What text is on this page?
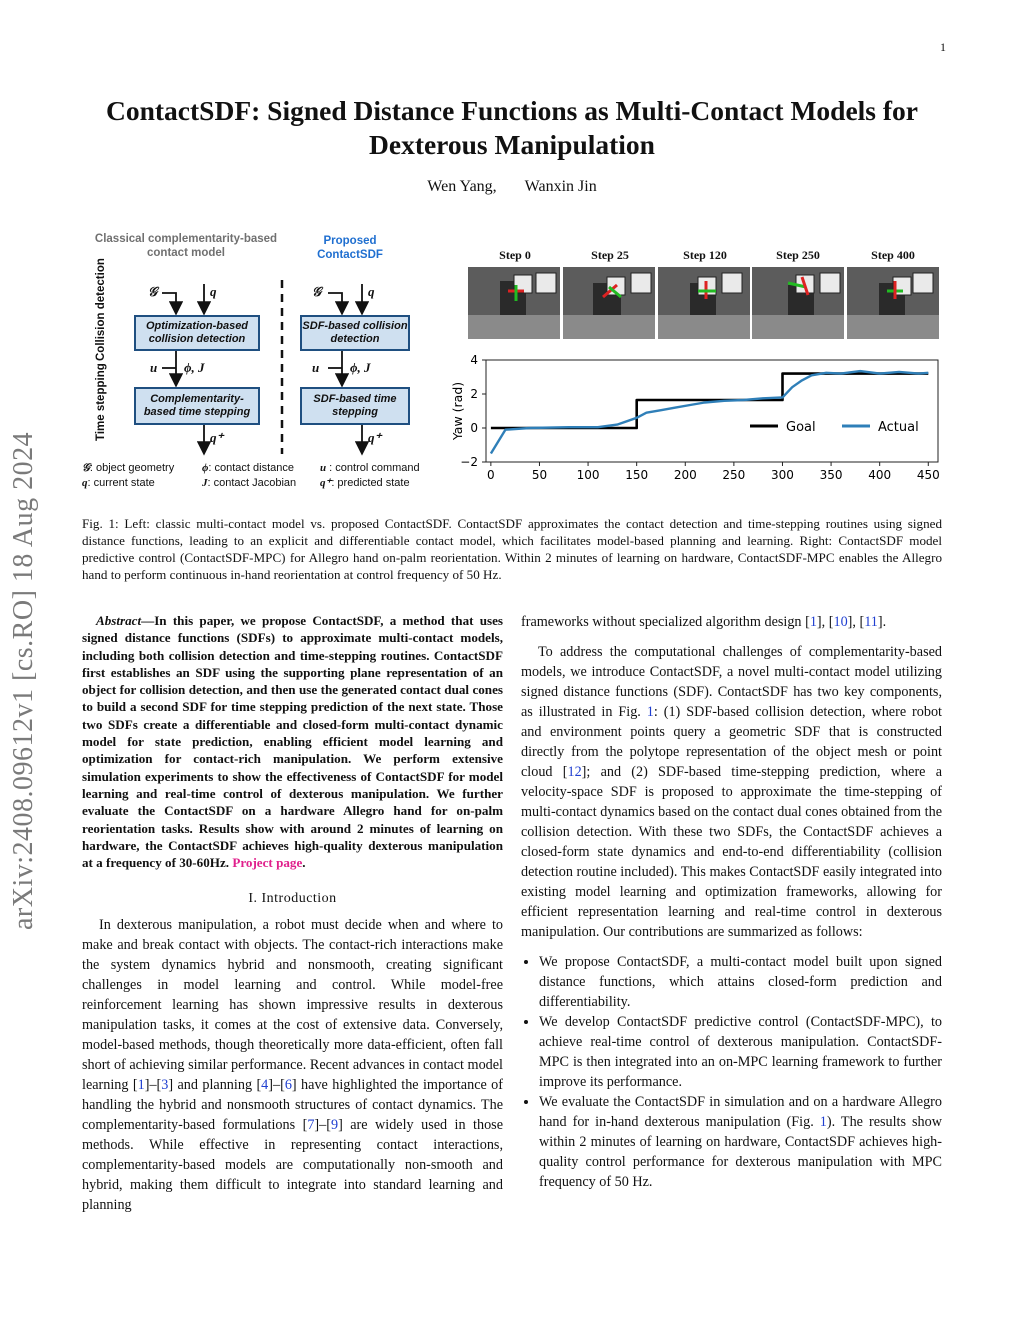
1
arXiv:2408.09612v1 [cs.RO] 18 Aug 2024
ContactSDF: Signed Distance Functions as Multi-Contact Models for Dexterous Manipulation
Wen Yang, Wanxin Jin
Classical complementarity-based contact model
Proposed ContactSDF
Collision detection
Time stepping
𝒢	q
Optimization-based collision detection
u ϕ, J
Complementarity-based time stepping
q⁺
𝒢	q
SDF-based collision detection
u ϕ, J
SDF-based time stepping
q⁺
𝒢: object geometry
q: current state
ϕ: contact distance
J: contact Jacobian
u : control command
q⁺: predicted state
Step 0	Step 25	Step 120	Step 250	Step 400
−2
0
2
4
0	50 100 150 200 250 300 350 400 450
Yaw (rad)	Goal	Actual
Fig. 1: Left: classic multi-contact model vs. proposed ContactSDF. ContactSDF approximates the contact detection and time-stepping routines using signed distance functions, leading to an explicit and differentiable contact model, which facilitates model-based planning and learning. Right: ContactSDF model predictive control (ContactSDF-MPC) for Allegro hand on-palm reorientation. Within 2 minutes of learning on hardware, ContactSDF-MPC enables the Allegro hand to perform continuous in-hand reorientation at control frequency of 50 Hz.

Abstract—In this paper, we propose ContactSDF, a method that uses signed distance functions (SDFs) to approximate multi-contact models, including both collision detection and time-stepping routines. ContactSDF first establishes an SDF using the supporting plane representation of an object for collision detection, and then use the generated contact dual cones to build a second SDF for time stepping prediction of the next state. Those two SDFs create a differentiable and closed-form multi-contact dynamic model for state prediction, enabling efficient model learning and optimization for contact-rich manipulation. We perform extensive simulation experiments to show the effectiveness of ContactSDF for model learning and real-time control of dexterous manipulation. We further evaluate the ContactSDF on a hardware Allegro hand for on-palm reorientation tasks. Results show with around 2 minutes of learning on hardware, the ContactSDF achieves high-quality dexterous manipulation at a frequency of 30-60Hz. Project page.

I. Introduction

In dexterous manipulation, a robot must decide when and where to make and break contact with objects. The contact-rich interactions make the system dynamics hybrid and nonsmooth, creating significant challenges in model learning and control. While model-free reinforcement learning has shown impressive results in dexterous manipulation tasks, it comes at the cost of extensive data. Conversely, model-based methods, though theoretically more data-efficient, often fall short of achieving similar performance. Recent advances in contact model learning [1]–[3] and planning [4]–[6] have highlighted the importance of handling the hybrid and nonsmooth structures of contact dynamics. The complementarity-based formulations [7]–[9] are widely used in those methods. While effective in representing contact interactions, complementarity-based models are computationally non-smooth and hybrid, making them difficult to integrate into standard learning and planning

frameworks without specialized algorithm design [1], [10], [11].

To address the computational challenges of complementarity-based models, we introduce ContactSDF, a novel multi-contact model utilizing signed distance functions (SDF). ContactSDF has two key components, as illustrated in Fig. 1: (1) SDF-based collision detection, where robot and environment points query a geometric SDF that is constructed directly from the polytope representation of the object mesh or point cloud [12]; and (2) SDF-based time-stepping prediction, where a velocity-space SDF is proposed to approximate the time-stepping of multi-contact dynamics based on the contact dual cones obtained from the collision detection. With these two SDFs, the ContactSDF achieves a closed-form state dynamics and end-to-end differentiability (collision detection routine included). This makes ContactSDF easily integrated into existing model learning and optimization frameworks, allowing for efficient representation learning and real-time control in dexterous manipulation. Our contributions are summarized as follows:

• We propose ContactSDF, a multi-contact model built upon signed distance functions, which attains closed-form prediction and differentiability.
• We develop ContactSDF predictive control (ContactSDF-MPC), to achieve real-time control of dexterous manipulation. ContactSDF-MPC is then integrated into an on-MPC learning framework to further improve its performance.
• We evaluate the ContactSDF in simulation and on a hardware Allegro hand for in-hand dexterous manipulation (Fig. 1). The results show within 2 minutes of learning on hardware, ContactSDF achieves high-quality control performance for dexterous manipulation with MPC frequency of 50 Hz.
